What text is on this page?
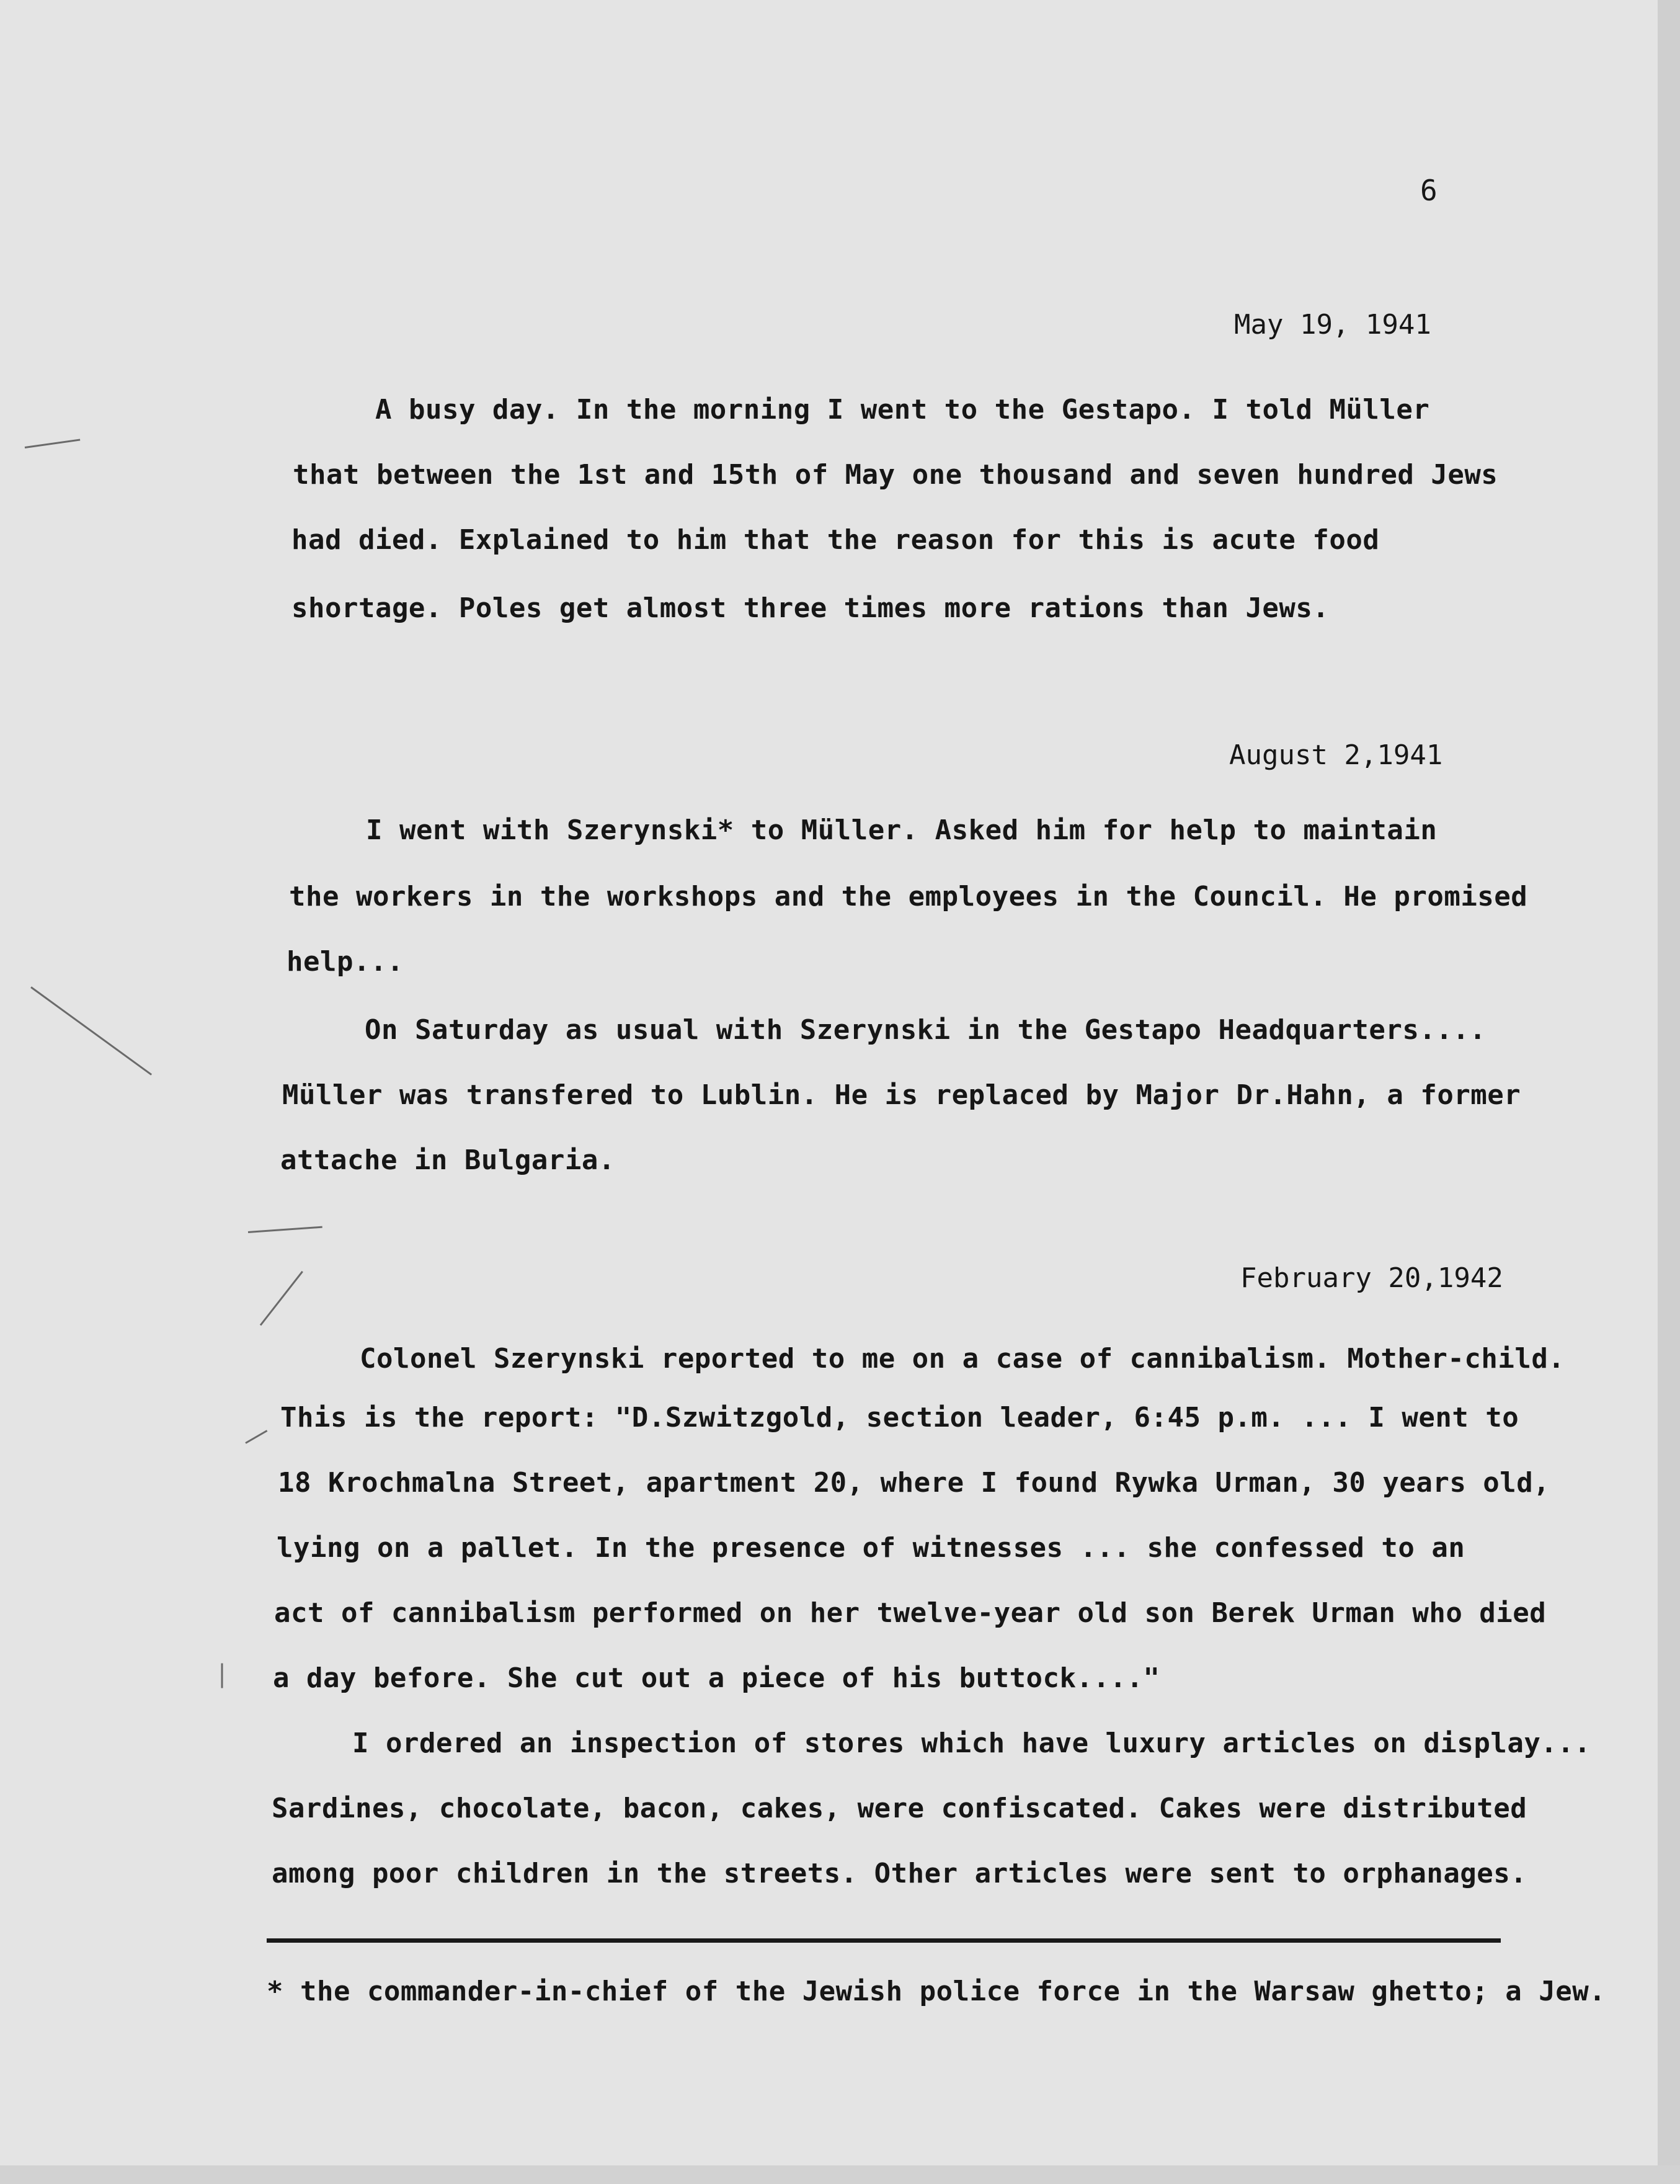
6
May 19, 1941
A busy day. In the morning I went to the Gestapo. I told Müller
that between the 1st and 15th of May one thousand and seven hundred Jews
had died. Explained to him that the reason for this is acute food
shortage. Poles get almost three times more rations than Jews.
August 2,1941
I went with Szerynski* to Müller. Asked him for help to maintain
the workers in the workshops and the employees in the Council. He promised
help...
On Saturday as usual with Szerynski in the Gestapo Headquarters....
Müller was transfered to Lublin. He is replaced by Major Dr.Hahn, a former
attache in Bulgaria.
February 20,1942
Colonel Szerynski reported to me on a case of cannibalism. Mother-child.
This is the report: "D.Szwitzgold, section leader, 6:45 p.m. ... I went to
18 Krochmalna Street, apartment 20, where I found Rywka Urman, 30 years old,
lying on a pallet. In the presence of witnesses ... she confessed to an
act of cannibalism performed on her twelve-year old son Berek Urman who died
a day before. She cut out a piece of his buttock...."
I ordered an inspection of stores which have luxury articles on display...
Sardines, chocolate, bacon, cakes, were confiscated. Cakes were distributed
among poor children in the streets. Other articles were sent to orphanages.
* the commander-in-chief of the Jewish police force in the Warsaw ghetto; a Jew.
